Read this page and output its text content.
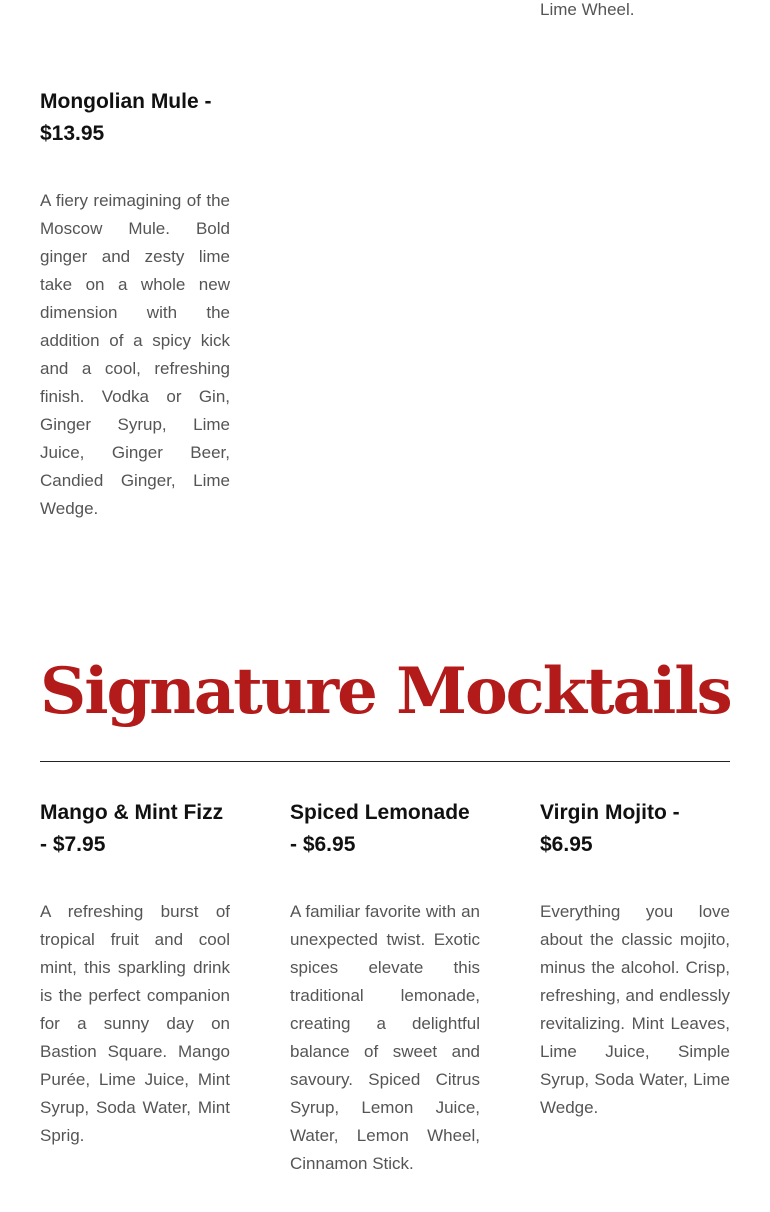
Lime Wheel.

Mongolian Mule - $13.95

A fiery reimagining of the Moscow Mule. Bold ginger and zesty lime take on a whole new dimension with the addition of a spicy kick and a cool, refreshing finish. Vodka or Gin, Ginger Syrup, Lime Juice, Ginger Beer, Candied Ginger, Lime Wedge.

Signature Mocktails
Mango & Mint Fizz - $7.95

A refreshing burst of tropical fruit and cool mint, this sparkling drink is the perfect companion for a sunny day on Bastion Square. Mango Purée, Lime Juice, Mint Syrup, Soda Water, Mint Sprig.

Spiced Lemonade - $6.95

A familiar favorite with an unexpected twist. Exotic spices elevate this traditional lemonade, creating a delightful balance of sweet and savoury. Spiced Citrus Syrup, Lemon Juice, Water, Lemon Wheel, Cinnamon Stick.

Virgin Mojito - $6.95

Everything you love about the classic mojito, minus the alcohol. Crisp, refreshing, and endlessly revitalizing. Mint Leaves, Lime Juice, Simple Syrup, Soda Water, Lime Wedge.
